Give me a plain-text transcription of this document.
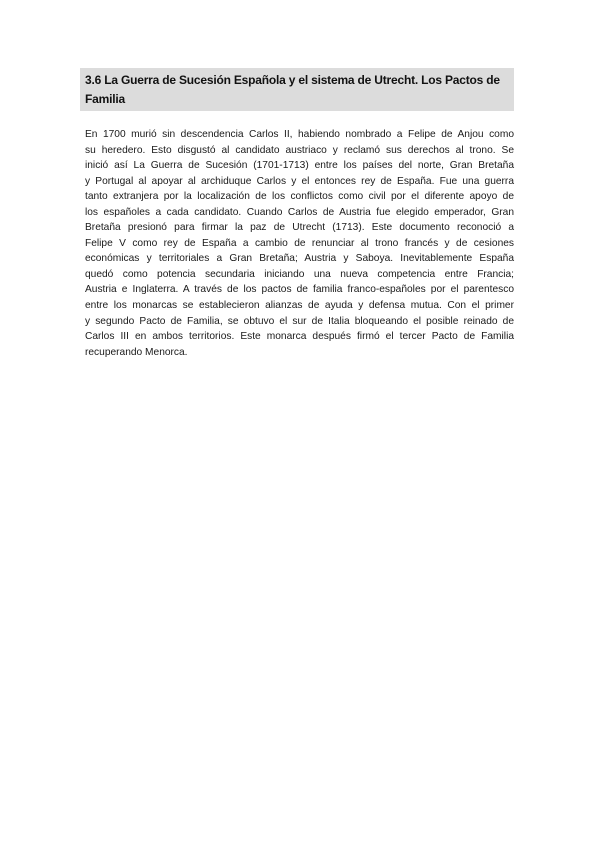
3.6 La Guerra de Sucesión Española y el sistema de Utrecht. Los Pactos de Familia

En 1700 murió sin descendencia Carlos II, habiendo nombrado a Felipe de Anjou como
su heredero. Esto disgustó al candidato austriaco y reclamó sus derechos al trono. Se
inició así La Guerra de Sucesión (1701-1713) entre los países del norte, Gran Bretaña
y Portugal al apoyar al archiduque Carlos y el entonces rey de España. Fue una guerra
tanto extranjera por la localización de los conflictos como civil por el diferente apoyo de
los españoles a cada candidato. Cuando Carlos de Austria fue elegido emperador, Gran
Bretaña presionó para firmar la paz de Utrecht (1713). Este documento reconoció a
Felipe V como rey de España a cambio de renunciar al trono francés y de cesiones
económicas y territoriales a Gran Bretaña; Austria y Saboya. Inevitablemente España
quedó como potencia secundaria iniciando una nueva competencia entre Francia;
Austria e Inglaterra. A través de los pactos de familia franco-españoles por el parentesco
entre los monarcas se establecieron alianzas de ayuda y defensa mutua. Con el primer
y segundo Pacto de Familia, se obtuvo el sur de Italia bloqueando el posible reinado de
Carlos III en ambos territorios. Este monarca después firmó el tercer Pacto de Familia
recuperando Menorca.
